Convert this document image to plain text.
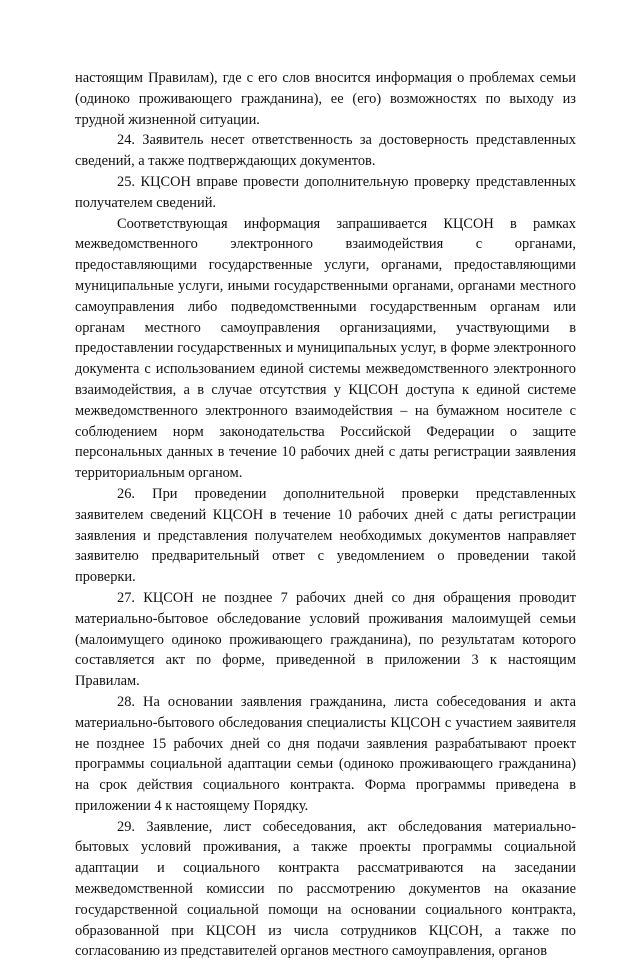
настоящим Правилам), где с его слов вносится информация о проблемах семьи (одиноко проживающего гражданина), ее (его) возможностях по выходу из трудной жизненной ситуации.

24. Заявитель несет ответственность за достоверность представленных сведений, а также подтверждающих документов.

25. КЦСОН вправе провести дополнительную проверку представленных получателем сведений.

Соответствующая информация запрашивается КЦСОН в рамках межведомственного электронного взаимодействия с органами, предоставляющими государственные услуги, органами, предоставляющими муниципальные услуги, иными государственными органами, органами местного самоуправления либо подведомственными государственным органам или органам местного самоуправления организациями, участвующими в предоставлении государственных и муниципальных услуг, в форме электронного документа с использованием единой системы межведомственного электронного взаимодействия, а в случае отсутствия у КЦСОН доступа к единой системе межведомственного электронного взаимодействия – на бумажном носителе с соблюдением норм законодательства Российской Федерации о защите персональных данных в течение 10 рабочих дней с даты регистрации заявления территориальным органом.

26. При проведении дополнительной проверки представленных заявителем сведений КЦСОН в течение 10 рабочих дней с даты регистрации заявления и представления получателем необходимых документов направляет заявителю предварительный ответ с уведомлением о проведении такой проверки.

27. КЦСОН не позднее 7 рабочих дней со дня обращения проводит материально-бытовое обследование условий проживания малоимущей семьи (малоимущего одиноко проживающего гражданина), по результатам которого составляется акт по форме, приведенной в приложении 3 к настоящим Правилам.

28. На основании заявления гражданина, листа собеседования и акта материально-бытового обследования специалисты КЦСОН с участием заявителя не позднее 15 рабочих дней со дня подачи заявления разрабатывают проект программы социальной адаптации семьи (одиноко проживающего гражданина) на срок действия социального контракта. Форма программы приведена в приложении 4 к настоящему Порядку.

29. Заявление, лист собеседования, акт обследования материально-бытовых условий проживания, а также проекты программы социальной адаптации и социального контракта рассматриваются на заседании межведомственной комиссии по рассмотрению документов на оказание государственной социальной помощи на основании социального контракта, образованной при КЦСОН из числа сотрудников КЦСОН, а также по согласованию из представителей органов местного самоуправления, органов
